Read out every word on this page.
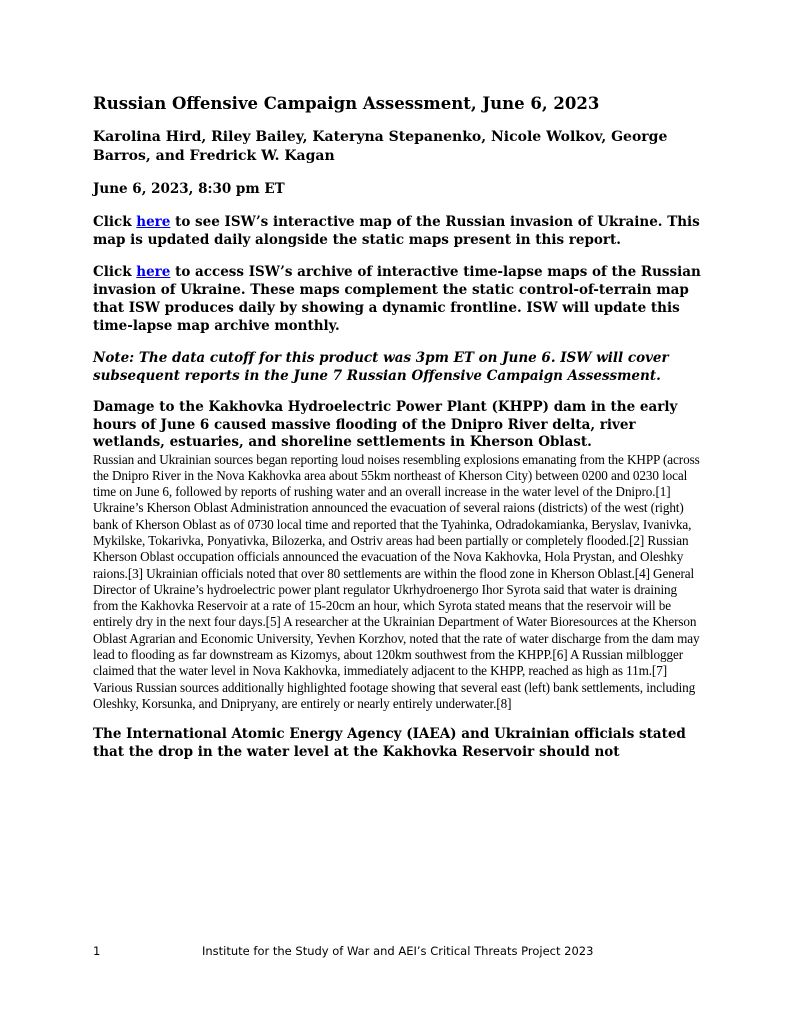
Russian Offensive Campaign Assessment, June 6, 2023

Karolina Hird, Riley Bailey, Kateryna Stepanenko, Nicole Wolkov, George Barros, and Fredrick W. Kagan

June 6, 2023, 8:30 pm ET

Click here to see ISW’s interactive map of the Russian invasion of Ukraine. This map is updated daily alongside the static maps present in this report.

Click here to access ISW’s archive of interactive time-lapse maps of the Russian invasion of Ukraine. These maps complement the static control-of-terrain map that ISW produces daily by showing a dynamic frontline. ISW will update this time-lapse map archive monthly.

Note: The data cutoff for this product was 3pm ET on June 6. ISW will cover subsequent reports in the June 7 Russian Offensive Campaign Assessment.

Damage to the Kakhovka Hydroelectric Power Plant (KHPP) dam in the early hours of June 6 caused massive flooding of the Dnipro River delta, river wetlands, estuaries, and shoreline settlements in Kherson Oblast.
Russian and Ukrainian sources began reporting loud noises resembling explosions emanating from the KHPP (across the Dnipro River in the Nova Kakhovka area about 55km northeast of Kherson City) between 0200 and 0230 local time on June 6, followed by reports of rushing water and an overall increase in the water level of the Dnipro.[1] Ukraine’s Kherson Oblast Administration announced the evacuation of several raions (districts) of the west (right) bank of Kherson Oblast as of 0730 local time and reported that the Tyahinka, Odradokamianka, Beryslav, Ivanivka, Mykilske, Tokarivka, Ponyativka, Bilozerka, and Ostriv areas had been partially or completely flooded.[2] Russian Kherson Oblast occupation officials announced the evacuation of the Nova Kakhovka, Hola Prystan, and Oleshky raions.[3] Ukrainian officials noted that over 80 settlements are within the flood zone in Kherson Oblast.[4] General Director of Ukraine’s hydroelectric power plant regulator Ukrhydroenergo Ihor Syrota said that water is draining from the Kakhovka Reservoir at a rate of 15-20cm an hour, which Syrota stated means that the reservoir will be entirely dry in the next four days.[5] A researcher at the Ukrainian Department of Water Bioresources at the Kherson Oblast Agrarian and Economic University, Yevhen Korzhov, noted that the rate of water discharge from the dam may lead to flooding as far downstream as Kizomys, about 120km southwest from the KHPP.[6] A Russian milblogger claimed that the water level in Nova Kakhovka, immediately adjacent to the KHPP, reached as high as 11m.[7] Various Russian sources additionally highlighted footage showing that several east (left) bank settlements, including Oleshky, Korsunka, and Dnipryany, are entirely or nearly entirely underwater.[8]

The International Atomic Energy Agency (IAEA) and Ukrainian officials stated that the drop in the water level at the Kakhovka Reservoir should not

1	Institute for the Study of War and AEI’s Critical Threats Project 2023
